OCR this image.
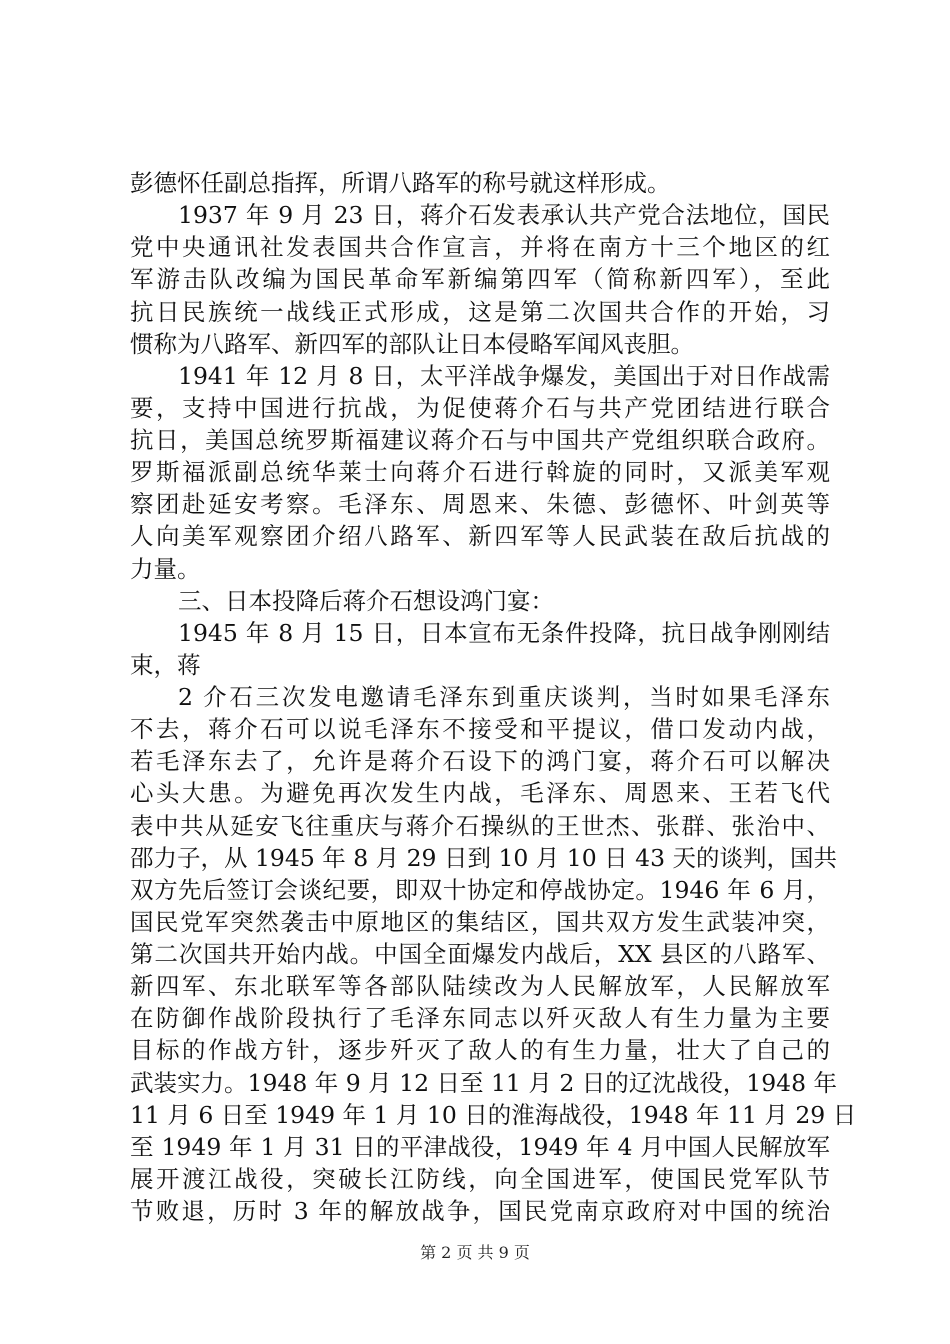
彭德怀任副总指挥，所谓八路军的称号就这样形成。
1937 年 9 月 23 日，蒋介石发表承认共产党合法地位，国民
党中央通讯社发表国共合作宣言，并将在南方十三个地区的红
军游击队改编为国民革命军新编第四军（简称新四军），至此
抗日民族统一战线正式形成，这是第二次国共合作的开始，习
惯称为八路军、新四军的部队让日本侵略军闻风丧胆。
1941 年 12 月 8 日，太平洋战争爆发，美国出于对日作战需
要，支持中国进行抗战，为促使蒋介石与共产党团结进行联合
抗日，美国总统罗斯福建议蒋介石与中国共产党组织联合政府。
罗斯福派副总统华莱士向蒋介石进行斡旋的同时，又派美军观
察团赴延安考察。毛泽东、周恩来、朱德、彭德怀、叶剑英等
人向美军观察团介绍八路军、新四军等人民武装在敌后抗战的
力量。
三、日本投降后蒋介石想设鸿门宴：
1945 年 8 月 15 日，日本宣布无条件投降，抗日战争刚刚结
束，蒋
2 介石三次发电邀请毛泽东到重庆谈判，当时如果毛泽东
不去，蒋介石可以说毛泽东不接受和平提议，借口发动内战，
若毛泽东去了，允许是蒋介石设下的鸿门宴，蒋介石可以解决
心头大患。为避免再次发生内战，毛泽东、周恩来、王若飞代
表中共从延安飞往重庆与蒋介石操纵的王世杰、张群、张治中、
邵力子，从 1945 年 8 月 29 日到 10 月 10 日 43 天的谈判，国共
双方先后签订会谈纪要，即双十协定和停战协定。1946 年 6 月，
国民党军突然袭击中原地区的集结区，国共双方发生武装冲突，
第二次国共开始内战。中国全面爆发内战后，XX 县区的八路军、
新四军、东北联军等各部队陆续改为人民解放军，人民解放军
在防御作战阶段执行了毛泽东同志以歼灭敌人有生力量为主要
目标的作战方针，逐步歼灭了敌人的有生力量，壮大了自己的
武装实力。1948 年 9 月 12 日至 11 月 2 日的辽沈战役，1948 年
11 月 6 日至 1949 年 1 月 10 日的淮海战役，1948 年 11 月 29 日
至 1949 年 1 月 31 日的平津战役，1949 年 4 月中国人民解放军
展开渡江战役，突破长江防线，向全国进军，使国民党军队节
节败退，历时 3 年的解放战争，国民党南京政府对中国的统治
第 2 页 共 9 页
